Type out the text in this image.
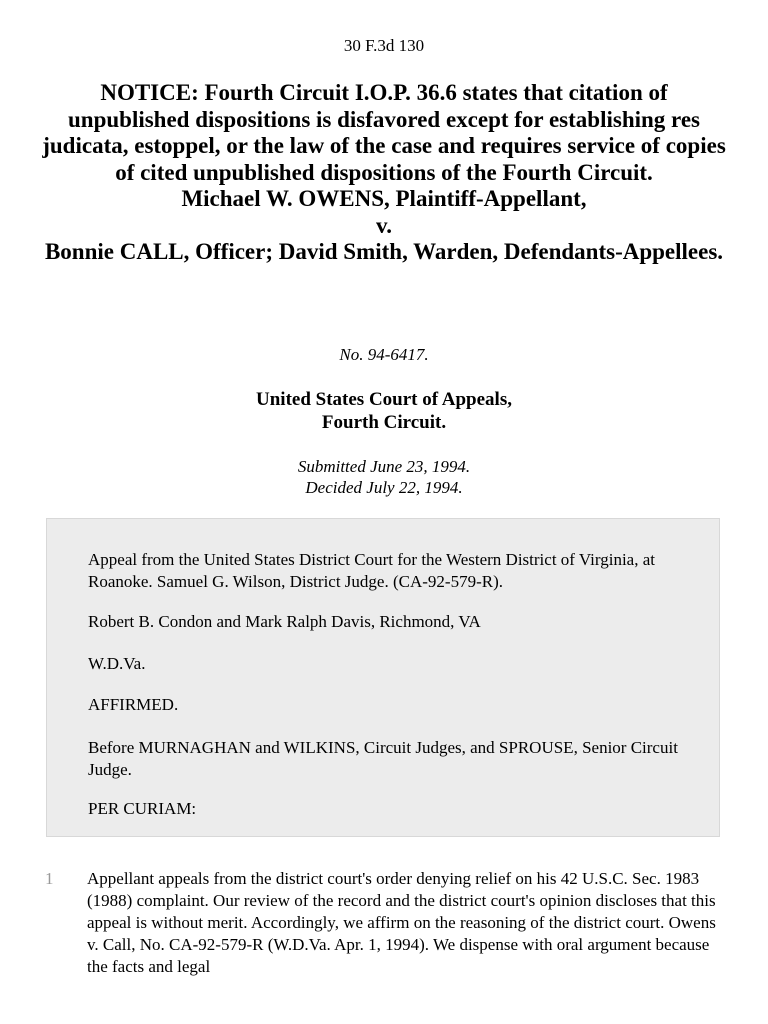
30 F.3d 130
NOTICE: Fourth Circuit I.O.P. 36.6 states that citation of unpublished dispositions is disfavored except for establishing res judicata, estoppel, or the law of the case and requires service of copies of cited unpublished dispositions of the Fourth Circuit.
Michael W. OWENS, Plaintiff-Appellant,
v.
Bonnie CALL, Officer; David Smith, Warden, Defendants-Appellees.
No. 94-6417.
United States Court of Appeals,
Fourth Circuit.
Submitted June 23, 1994.
Decided July 22, 1994.

Appeal from the United States District Court for the Western District of Virginia, at Roanoke. Samuel G. Wilson, District Judge. (CA-92-579-R).

Robert B. Condon and Mark Ralph Davis, Richmond, VA

W.D.Va.

AFFIRMED.

Before MURNAGHAN and WILKINS, Circuit Judges, and SPROUSE, Senior Circuit Judge.

PER CURIAM:

1 Appellant appeals from the district court's order denying relief on his 42 U.S.C. Sec. 1983 (1988) complaint. Our review of the record and the district court's opinion discloses that this appeal is without merit. Accordingly, we affirm on the reasoning of the district court. Owens v. Call, No. CA-92-579-R (W.D.Va. Apr. 1, 1994). We dispense with oral argument because the facts and legal
